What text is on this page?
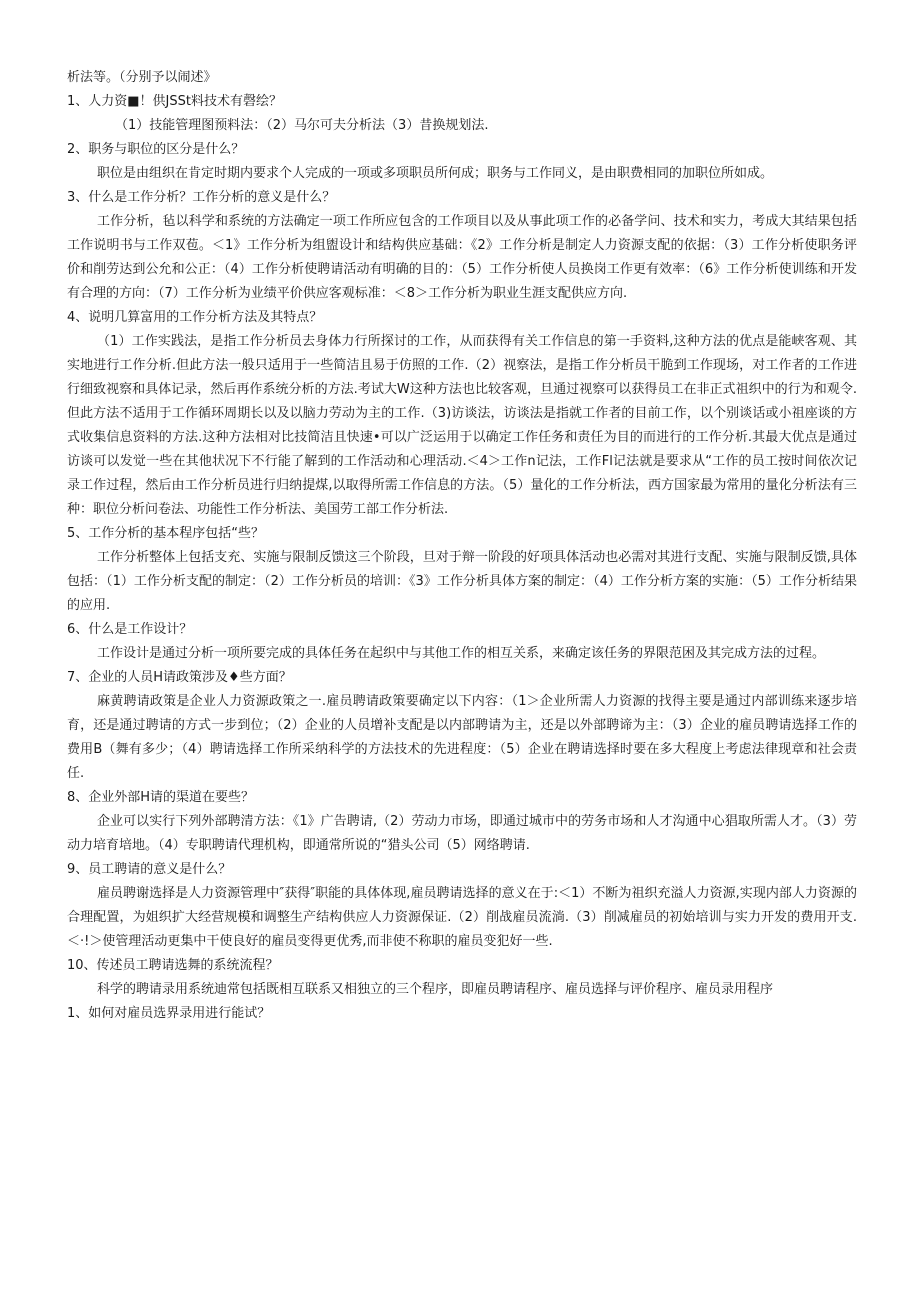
析法等。（分别予以闹述》

1、人力资■！供JSSt料技术有磬绘？

（1）技能管理图预料法：（2）马尔可夫分析法（3）昔换规划法.

2、职务与职位的区分是什么？

职位是由组织在肯定时期内要求个人完成的一项或多项职员所何成；职务与工作同义，是由职费相同的加职位所如成。

3、什么是工作分析？工作分析的意义是什么？

工作分析，毡以科学和系统的方法确定一项工作所应包含的工作项目以及从事此项工作的必备学问、技术和实力，考成大其结果包括工作说明书与工作双苞。＜1》工作分析为组盥设计和结构供应基础：《2》工作分析是制定人力资源支配的依据：（3）工作分析使职务评价和削劳达到公允和公正：（4）工作分析使聘请活动有明确的目的：（5）工作分析使人员换岗工作更有效率：（6》工作分析使训练和开发有合理的方向：（7）工作分析为业绩平价供应客观标准：＜8＞工作分析为职业生涯支配供应方向.

4、说明几算富用的工作分析方法及其特点？

（1）工作实践法，是指工作分析员去身体力行所探讨的工作，从而获得有关工作信息的第一手资料,这种方法的优点是能峡客观、其实地进行工作分析.但此方法一般只适用于一些简洁且易于仿照的工作.（2）视察法，是指工作分析员干脆到工作现场，对工作者的工作进行细致视察和具体记录，然后再作系统分析的方法.考试大W这种方法也比较客观，旦通过视察可以获得员工在非正式祖织中的行为和观令.但此方法不适用于工作循环周期长以及以脑力劳动为主的工作.（3)访谈法，访谈法是指就工作者的目前工作，以个别谈话或小祖座谈的方式收集信息资料的方法.这种方法相对比技简洁且快速•可以广泛运用于以确定工作任务和责任为目的而进行的工作分析.其最大优点是通过访谈可以发觉一些在其他状况下不行能了解到的工作活动和心理活动.＜4＞工作n记法，工作Fl记法就是要求从“工作的员工按时间依次记录工作过程，然后由工作分析员进行归纳提煤,以取得所需工作信息的方法。（5）量化的工作分析法，西方国家最为常用的量化分析法有三种：职位分析问卷法、功能性工作分析法、美国劳工部工作分析法.

5、工作分析的基本程序包括“些？

工作分析整体上包括支充、实施与限制反馈这三个阶段，旦对于辩一阶段的好项具体活动也必需对其进行支配、实施与限制反馈,具体包括：（1）工作分析支配的制定：（2）工作分析员的培训：《3》工作分析具体方案的制定：（4）工作分析方案的实施：（5）工作分析结果的应用.

6、什么是工作设计？

工作设计是通过分析一项所要完成的具体任务在起织中与其他工作的相互关系，来确定该任务的界限范困及其完成方法的过程。

7、企业的人员H请政策涉及♦些方面？

麻黄聘请政策是企业人力资源政策之一.雇员聘请政策要确定以下内容：（1＞企业所需人力资源的找得主要是通过内部训练来逐步培育，还是通过聘请的方式一步到位；（2）企业的人员增补支配是以内部聘请为主，还是以外部聘谛为主：（3）企业的雇员聘请选择工作的费用B（舞有多少；（4）聘请选择工作所采纳科学的方法技术的先进程度：（5）企业在聘请选择时要在多大程度上考虑法律现章和社会责任.

8、企业外部H请的渠道在要些？

企业可以实行下列外部聘清方法：《1》广告聘请,（2）劳动力市场，即通过城市中的劳务市场和人才沟通中心猖取所需人才。（3）劳动力培育培地。（4）专职聘请代理机构，即通常所说的“猎头公司（5）网络聘请.

9、员工聘请的意义是什么？

雇员聘谢选择是人力资源管理中″获得″职能的具体体现,雇员聘请选择的意义在于:＜1）不断为祖织充溢人力资源,实现内部人力资源的合理配置，为姐织扩大经营规模和调整生产结构供应人力资源保证.（2）削战雇员流淌.（3）削减雇员的初始培训与实力开发的费用开支.＜·!＞使管理活动更集中干使良好的雇员变得更优秀,而非使不称职的雇员变犯好一些.

10、传述员工聘请选舞的系统流程？

科学的聘请录用系统迪常包括既相互联系又相独立的三个程序，即雇员聘请程序、雇员选择与评价程序、雇员录用程序

1、如何对雇员选界录用进行能试？
